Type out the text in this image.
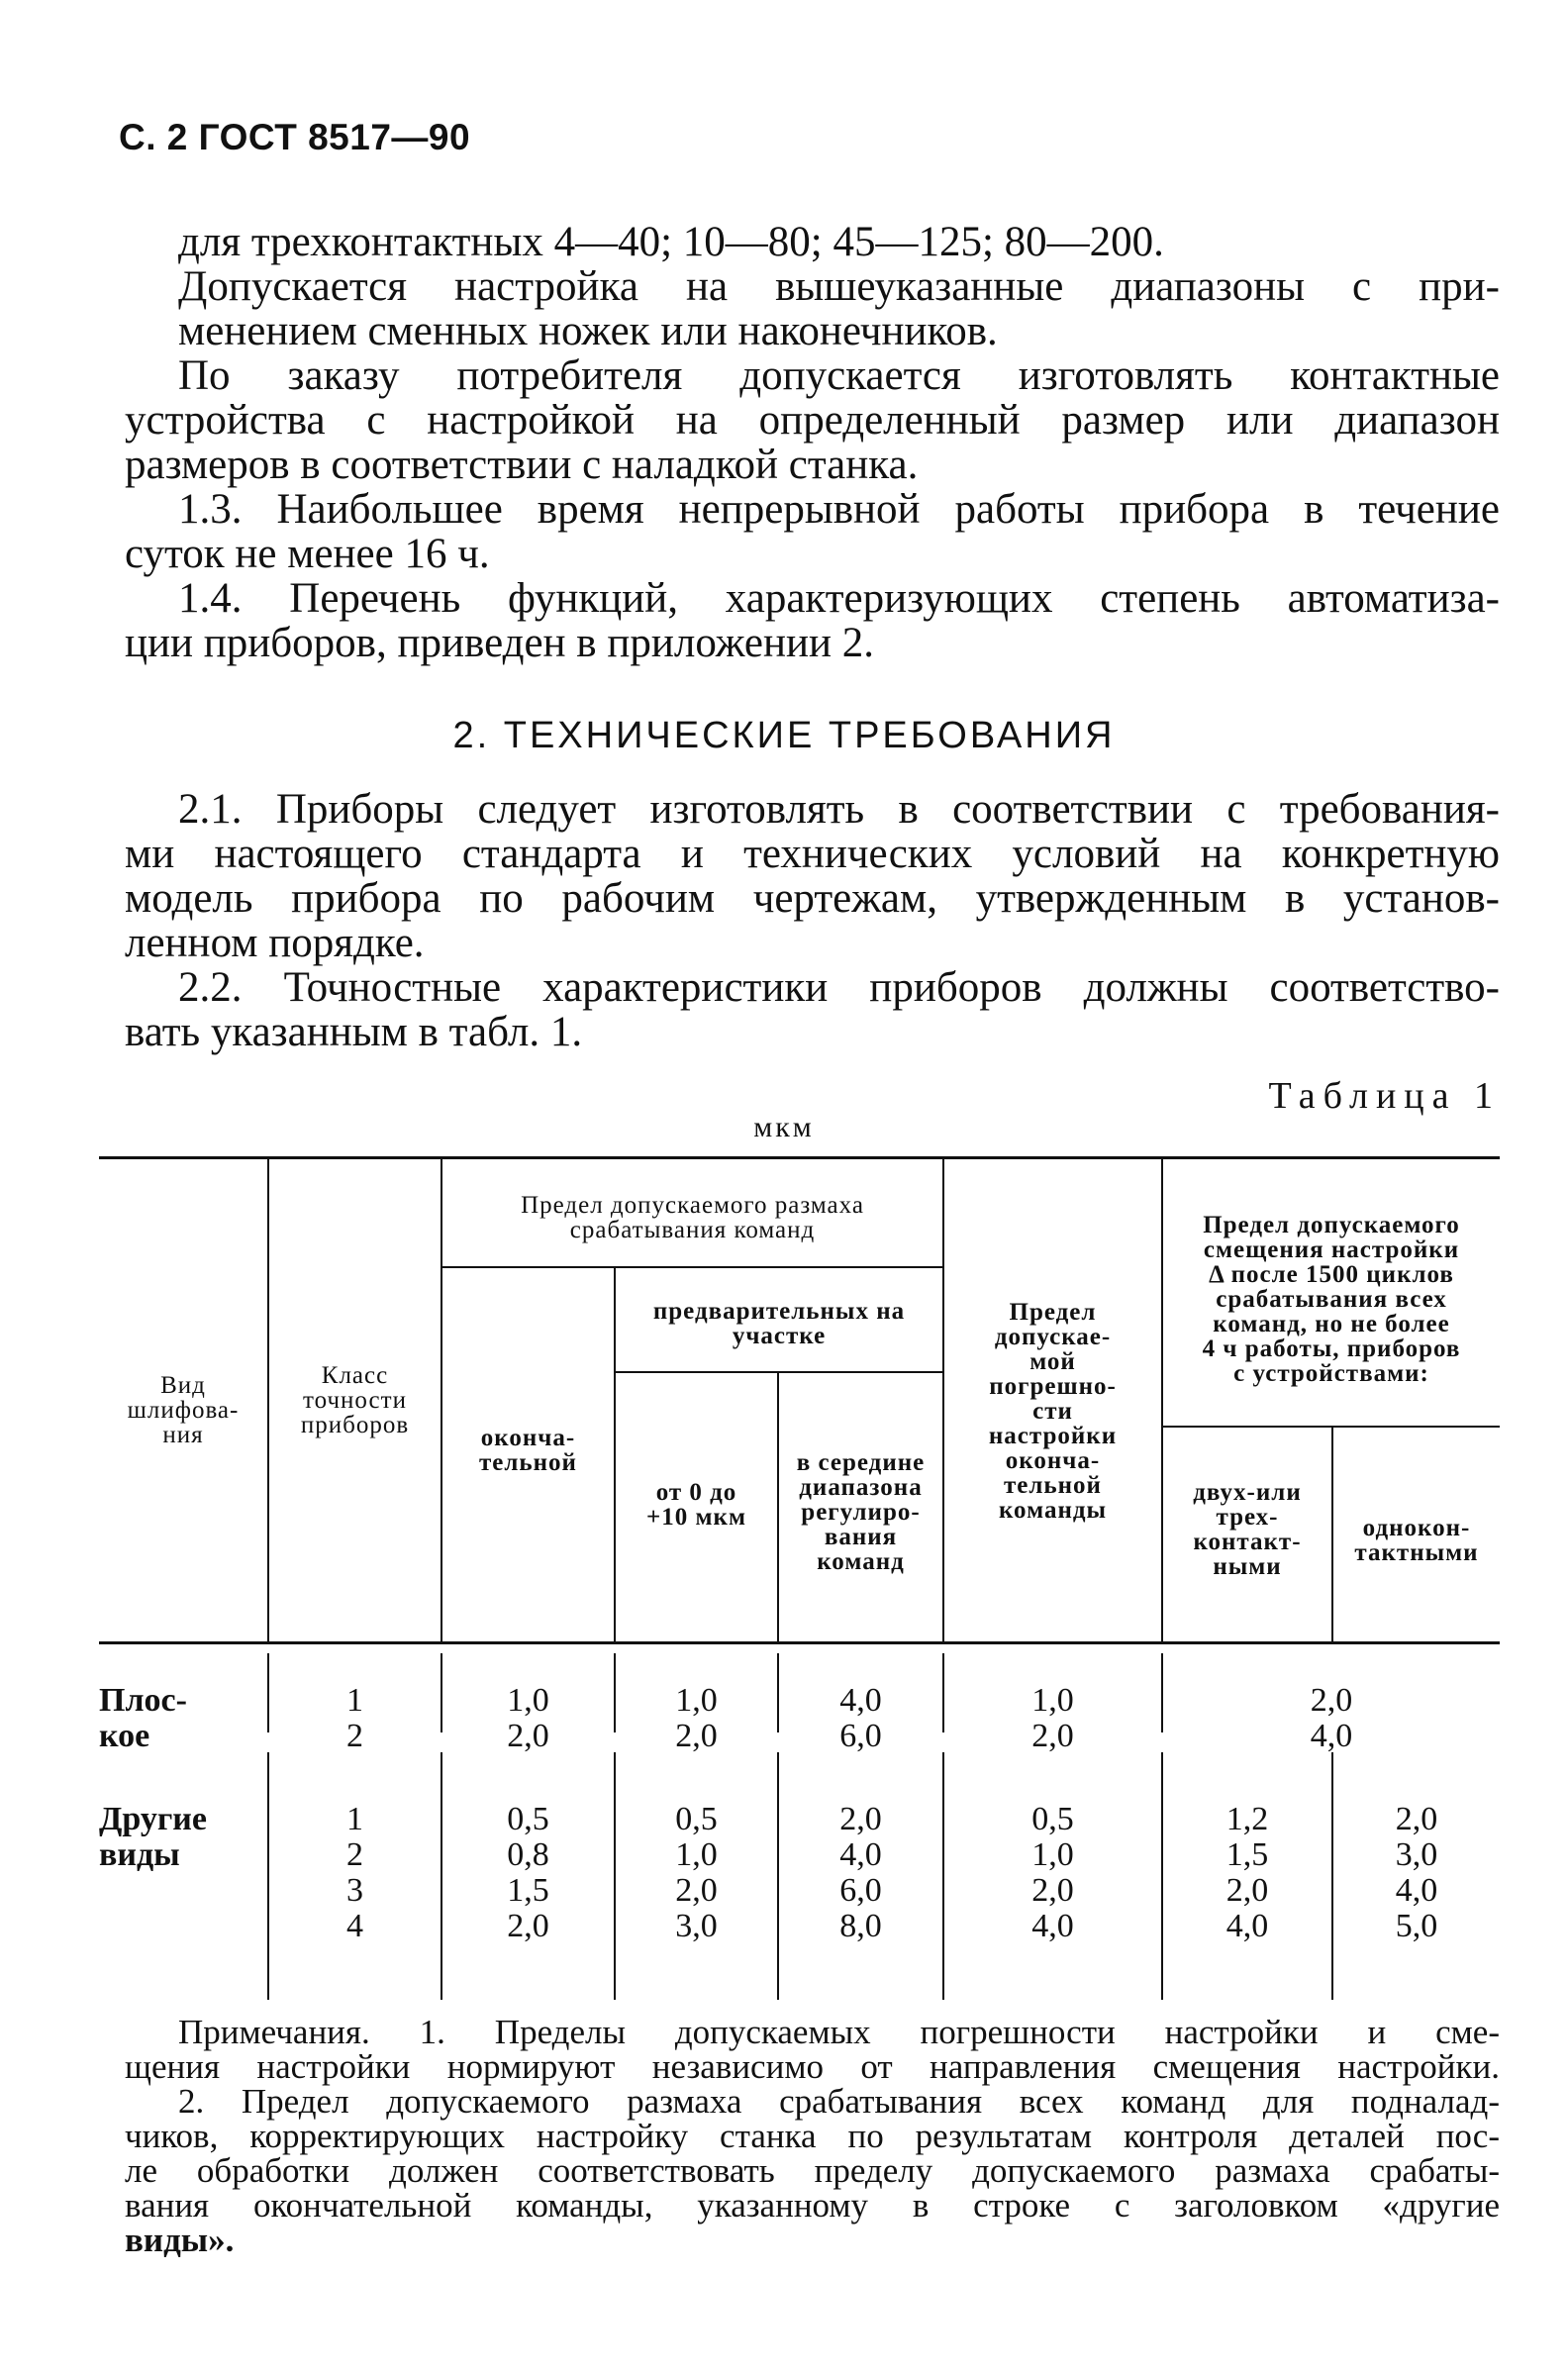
С. 2 ГОСТ 8517—90
для трехконтактных 4—40; 10—80; 45—125; 80—200.
Допускается настройка на вышеуказанные диапазоны с при-
менением сменных ножек или наконечников.
По заказу потребителя допускается изготовлять контактные
устройства с настройкой на определенный размер или диапазон
размеров в соответствии с наладкой станка.
1.3. Наибольшее время непрерывной работы прибора в течение
суток не менее 16 ч.
1.4. Перечень функций, характеризующих степень автоматиза-
ции приборов, приведен в приложении 2.
2. ТЕХНИЧЕСКИЕ ТРЕБОВАНИЯ
2.1. Приборы следует изготовлять в соответствии с требования-
ми настоящего стандарта и технических условий на конкретную
модель прибора по рабочим чертежам, утвержденным в установ-
ленном порядке.
2.2. Точностные характеристики приборов должны соответство-
вать указанным в табл. 1.
Таблица 1
мкм
Вид
шлифова-
ния
Класс
точности
приборов
Предел допускаемого размаха
срабатывания команд
оконча-
тельной
предварительных на
участке
от 0 до
+10 мкм
в середине
диапазона
регулиро-
вания
команд
Предел
допускае-
мой
погрешно-
сти
настройки
оконча-
тельной
команды
Предел допускаемого
смещения настройки
Δ после 1500 циклов
срабатывания всех
команд, но не более
4 ч работы, приборов
с устройствами:
двух-или
трех-
контакт-
ными
однокон-
тактными
Плос-
кое
1
2
1,0
2,0
1,0
2,0
4,0
6,0
1,0
2,0
2,0
4,0
Другие
виды
1
2
3
4
0,5
0,8
1,5
2,0
0,5
1,0
2,0
3,0
2,0
4,0
6,0
8,0
0,5
1,0
2,0
4,0
1,2
1,5
2,0
4,0
2,0
3,0
4,0
5,0
Примечания. 1. Пределы допускаемых погрешности настройки и сме-
щения настройки нормируют независимо от направления смещения настройки.
2. Предел допускаемого размаха срабатывания всех команд для подналад-
чиков, корректирующих настройку станка по результатам контроля деталей пос-
ле обработки должен соответствовать пределу допускаемого размаха срабаты-
вания окончательной команды, указанному в строке с заголовком «другие
виды».
